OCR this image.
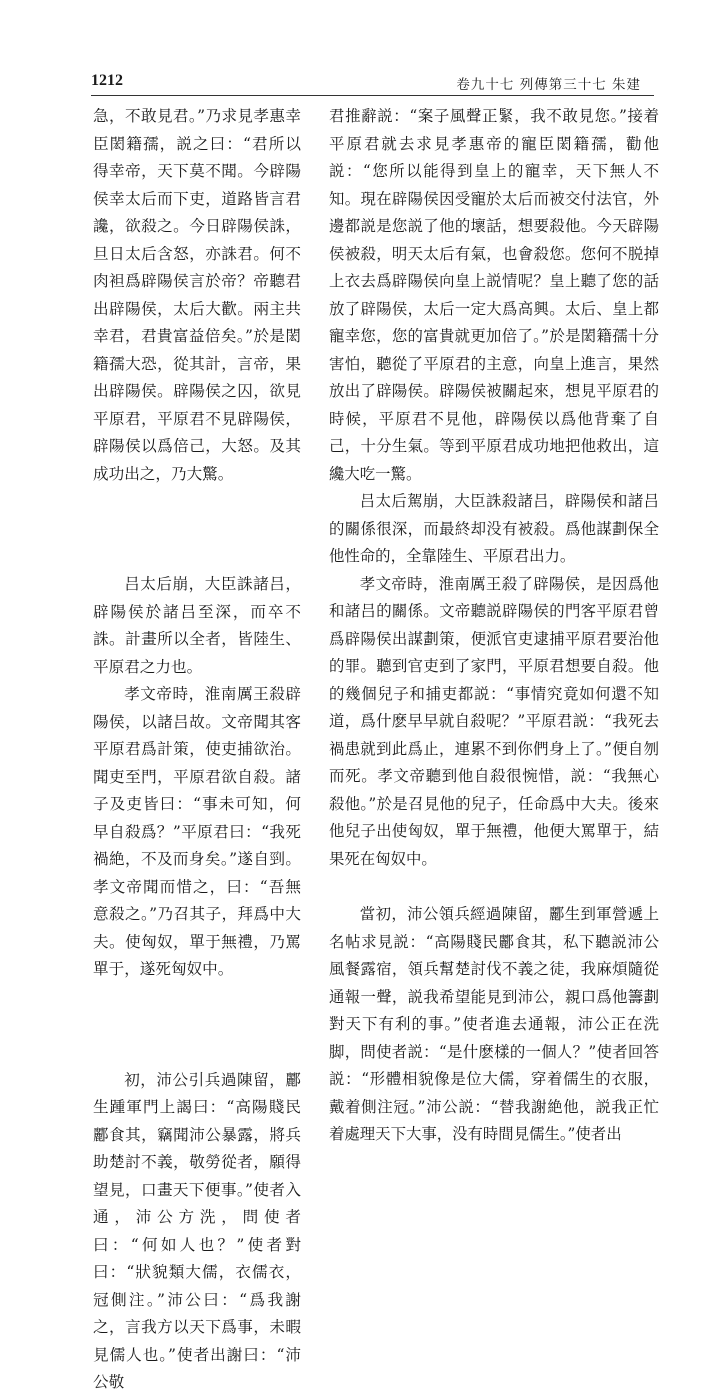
1212	卷九十七 列傳第三十七 朱建

急，不敢見君。”乃求見孝惠幸臣閎籍孺，説之曰：“君所以得幸帝，天下莫不聞。今辟陽侯幸太后而下吏，道路皆言君讒，欲殺之。今日辟陽侯誅，旦日太后含怒，亦誅君。何不肉袒爲辟陽侯言於帝？帝聽君出辟陽侯，太后大歡。兩主共幸君，君貴富益倍矣。”於是閎籍孺大恐，從其計，言帝，果出辟陽侯。辟陽侯之囚，欲見平原君，平原君不見辟陽侯，辟陽侯以爲倍己，大怒。及其成功出之，乃大驚。

吕太后崩，大臣誅諸吕，辟陽侯於諸吕至深，而卒不誅。計畫所以全者，皆陸生、平原君之力也。

孝文帝時，淮南厲王殺辟陽侯，以諸吕故。文帝聞其客平原君爲計策，使吏捕欲治。聞吏至門，平原君欲自殺。諸子及吏皆曰：“事未可知，何早自殺爲？”平原君曰：“我死禍絶，不及而身矣。”遂自剄。孝文帝聞而惜之，曰：“吾無意殺之。”乃召其子，拜爲中大夫。使匈奴，單于無禮，乃罵單于，遂死匈奴中。

初，沛公引兵過陳留，酈生踵軍門上謁曰：“高陽賤民酈食其，竊聞沛公暴露，將兵助楚討不義，敬勞從者，願得望見，口畫天下便事。”使者入通，沛公方洗，問使者曰：“何如人也？”使者對曰：“狀貌類大儒，衣儒衣，冠側注。”沛公曰：“爲我謝之，言我方以天下爲事，未暇見儒人也。”使者出謝曰：“沛公敬

君推辭説：“案子風聲正緊，我不敢見您。”接着平原君就去求見孝惠帝的寵臣閎籍孺，勸他説：“您所以能得到皇上的寵幸，天下無人不知。現在辟陽侯因受寵於太后而被交付法官，外邊都説是您説了他的壞話，想要殺他。今天辟陽侯被殺，明天太后有氣，也會殺您。您何不脱掉上衣去爲辟陽侯向皇上説情呢？皇上聽了您的話放了辟陽侯，太后一定大爲高興。太后、皇上都寵幸您，您的富貴就更加倍了。”於是閎籍孺十分害怕，聽從了平原君的主意，向皇上進言，果然放出了辟陽侯。辟陽侯被關起來，想見平原君的時候，平原君不見他，辟陽侯以爲他背棄了自己，十分生氣。等到平原君成功地把他救出，這纔大吃一驚。

吕太后駕崩，大臣誅殺諸吕，辟陽侯和諸吕的關係很深，而最終却没有被殺。爲他謀劃保全他性命的，全靠陸生、平原君出力。

孝文帝時，淮南厲王殺了辟陽侯，是因爲他和諸吕的關係。文帝聽説辟陽侯的門客平原君曾爲辟陽侯出謀劃策，便派官吏逮捕平原君要治他的罪。聽到官吏到了家門，平原君想要自殺。他的幾個兒子和捕吏都説：“事情究竟如何還不知道，爲什麽早早就自殺呢？”平原君説：“我死去禍患就到此爲止，連累不到你們身上了。”便自刎而死。孝文帝聽到他自殺很惋惜，説：“我無心殺他。”於是召見他的兒子，任命爲中大夫。後來他兒子出使匈奴，單于無禮，他便大罵單于，結果死在匈奴中。

當初，沛公領兵經過陳留，酈生到軍營遞上名帖求見説：“高陽賤民酈食其，私下聽説沛公風餐露宿，領兵幫楚討伐不義之徒，我麻煩隨從通報一聲，説我希望能見到沛公，親口爲他籌劃對天下有利的事。”使者進去通報，沛公正在洗脚，問使者説：“是什麽樣的一個人？”使者回答説：“形體相貌像是位大儒，穿着儒生的衣服，戴着側注冠。”沛公説：“替我謝絶他，説我正忙着處理天下大事，没有時間見儒生。”使者出
